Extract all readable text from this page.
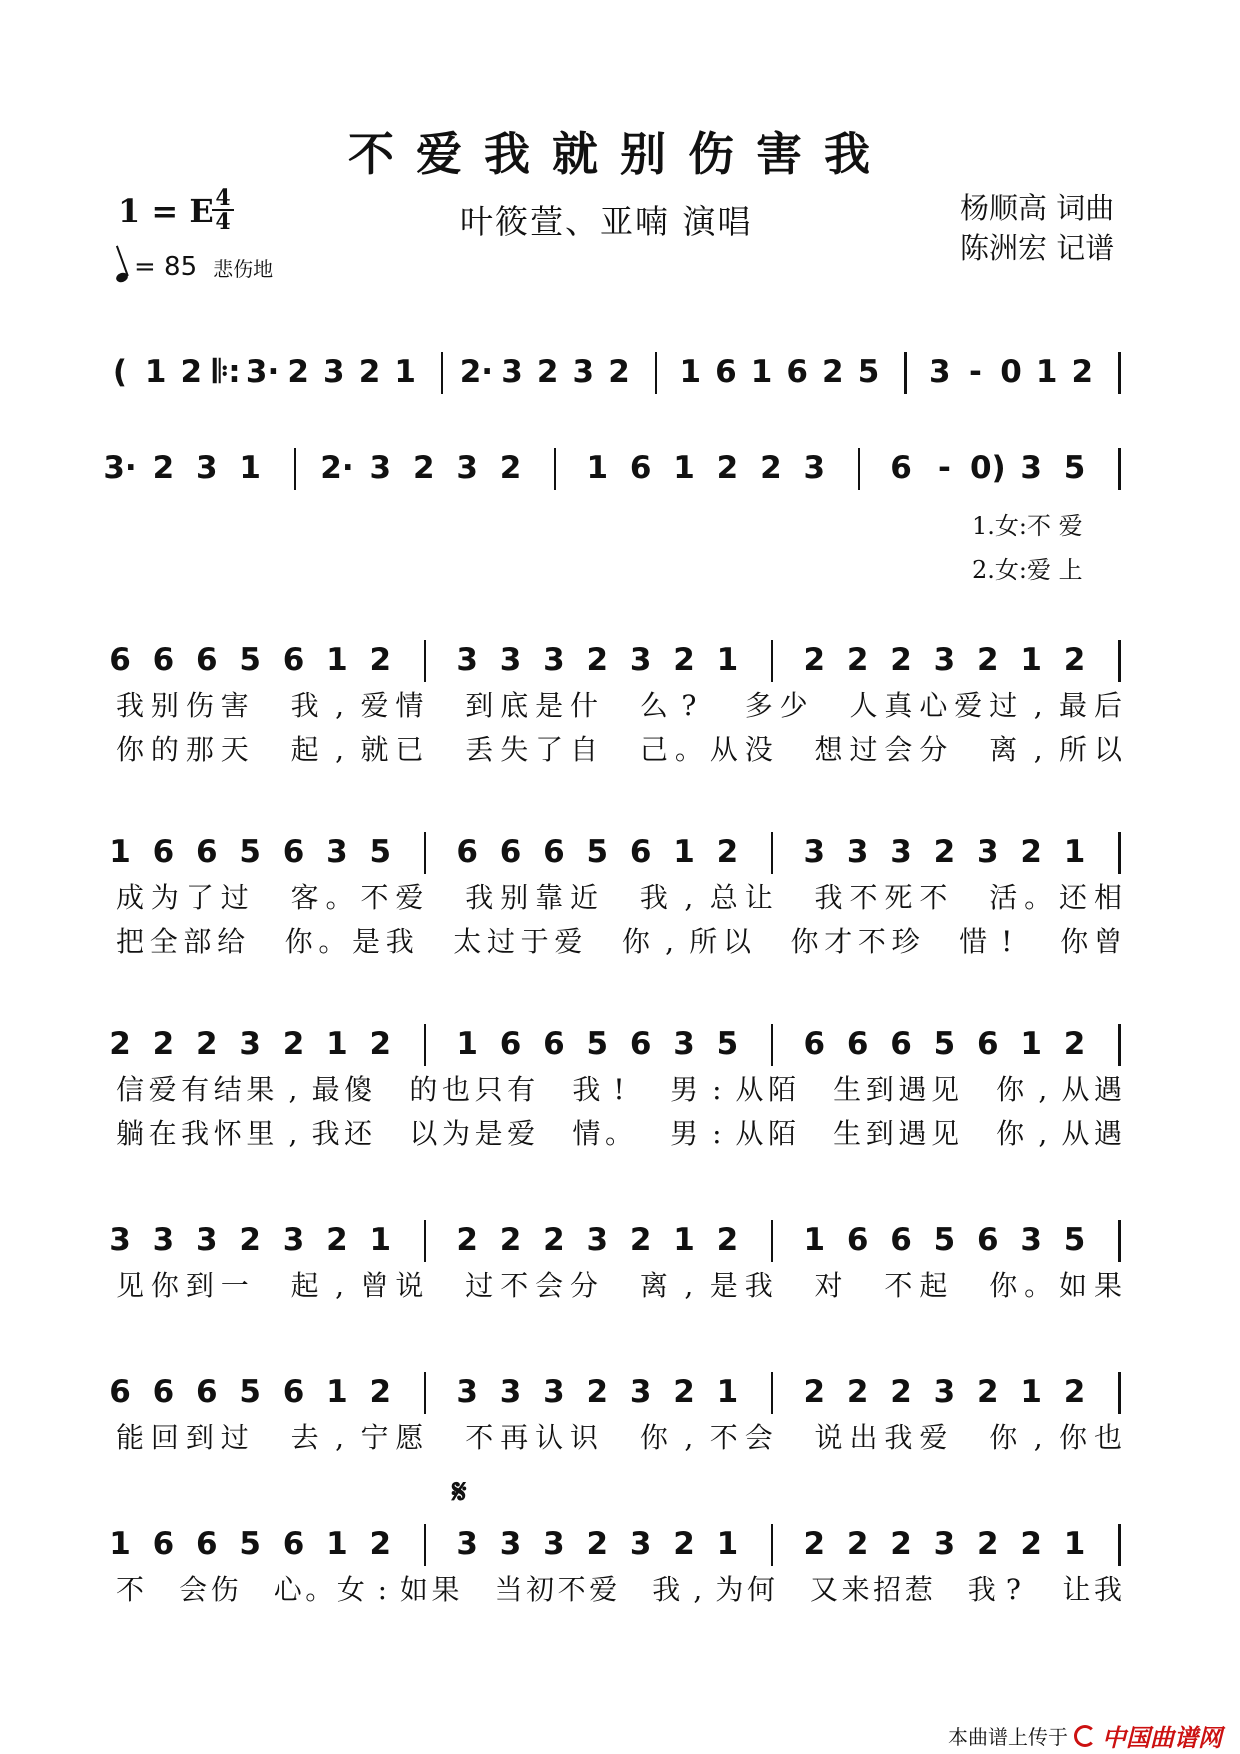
不爱我就别伤害我
1 = E 4
4
= 85 悲伤地
叶筱萱、亚喃 演唱	杨顺高 词曲
陈洲宏 记谱
( 1 2 𝄆: 3· 2 3 2 1 2· 3 2 3 2 1 6 1 6 2 5 3 - 0 1 2
3· 2 3 1 2· 3 2 3 2 1 6 1 2 2 3 6 - 0) 3 5
6 6 6 5 6 1 2 3 3 3 2 3 2 1 2 2 2 3 2 1 2
1 6 6 5 6 3 5 6 6 6 5 6 1 2 3 3 3 2 3 2 1
2 2 2 3 2 1 2 1 6 6 5 6 3 5 6 6 6 5 6 1 2
3 3 3 2 3 2 1 2 2 2 3 2 1 2 1 6 6 5 6 3 5
6 6 6 5 6 1 2 3 3 3 2 3 2 1 2 2 2 3 2 1 2
1 6 6 5 6 1 2 3 3 3 2 3 2 1 2 2 2 3 2 2 1
我 别 伤 害 我 , 爱 情 到 底 是 什 么 ? 多 少 人 真 心 爱 过 , 最 后
你 的 那 天 起 , 就 已 丢 失 了 自 己 。 从 没 想 过 会 分 离 , 所 以
成 为 了 过 客 。 不 爱 我 别 靠 近 我 , 总 让 我 不 死 不 活 。 还 相
把 全 部 给 你 。 是 我 太 过 于 爱 你 , 所 以 你 才 不 珍 惜 ! 你 曾
信 爱 有 结 果 , 最 傻 的 也 只 有 我 ! 男 : 从 陌 生 到 遇 见 你 , 从 遇
躺 在 我 怀 里 , 我 还 以 为 是 爱 情 。 男 : 从 陌 生 到 遇 见 你 , 从 遇
见 你 到 一 起 , 曾 说 过 不 会 分 离 , 是 我 对 不 起 你 。 如 果
能 回 到 过 去 , 宁 愿 不 再 认 识 你 , 不 会 说 出 我 爱 你 , 你 也
不 会 伤 心 。 女 : 如 果 当 初 不 爱 我 , 为 何 又 来 招 惹 我 ? 让 我
1.女:不 爱
2.女:爱 上
𝄋
本曲谱上传于 中国曲谱网
